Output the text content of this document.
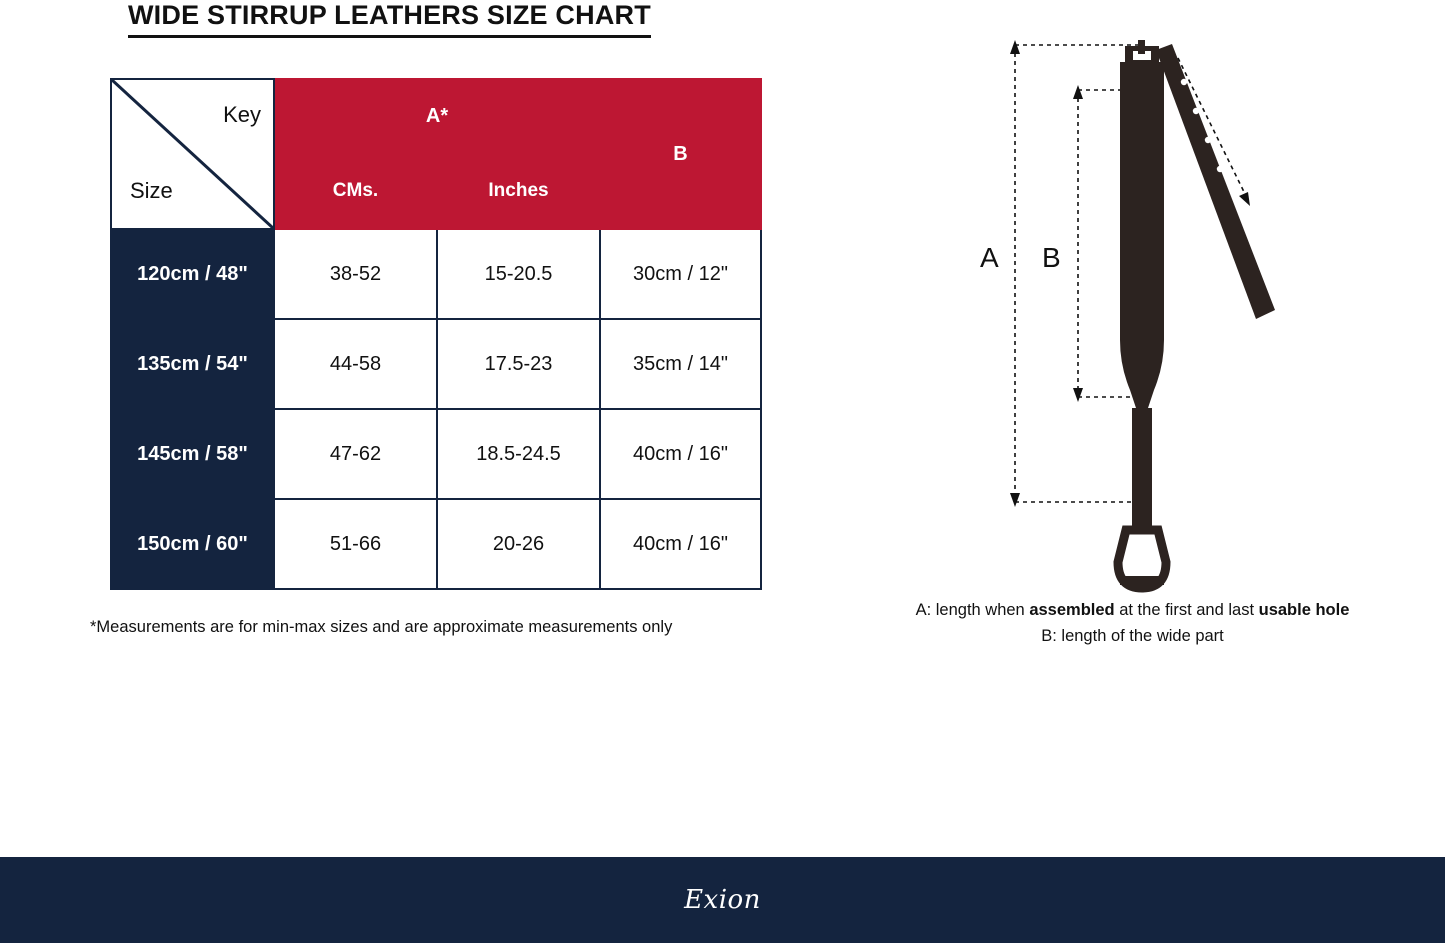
WIDE STIRRUP LEATHERS SIZE CHART
Key
Size	A*		B
	CMs.	Inches	
120cm / 48"	38-52	15-20.5	30cm / 12"
135cm / 54"	44-58	17.5-23	35cm / 14"
145cm / 58"	47-62	18.5-24.5	40cm / 16"
150cm / 60"	51-66	20-26	40cm / 16"
*Measurements are for min-max sizes and are approximate measurements only
A B
A: length when assembled at the first and last usable hole
B: length of the wide part
Exion
